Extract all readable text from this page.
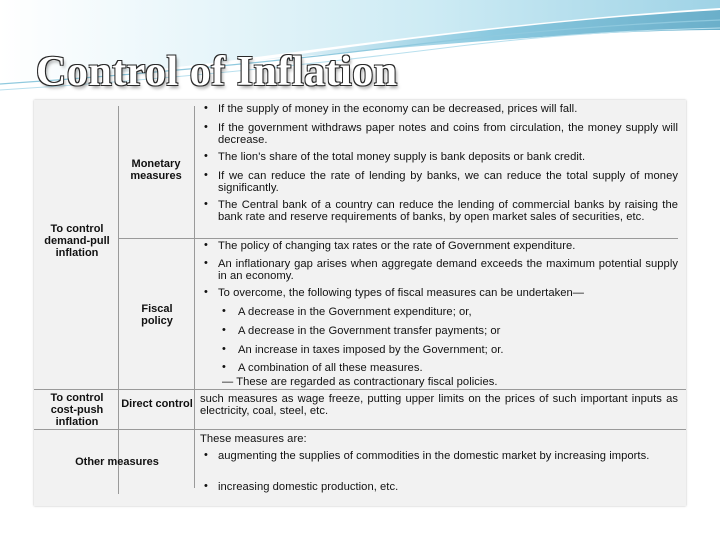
Control of Inflation
To control demand-pull inflation
To control cost-push inflation
Monetary measures
Fiscal policy
Direct control
Other measures
• If the supply of money in the economy can be decreased, prices will fall.
• If the government withdraws paper notes and coins from circulation, the money supply will decrease.
• The lion's share of the total money supply is bank deposits or bank credit.
• If we can reduce the rate of lending by banks, we can reduce the total supply of money significantly.
• The Central bank of a country can reduce the lending of commercial banks by raising the bank rate and reserve requirements of banks, by open market sales of securities, etc.
• The policy of changing tax rates or the rate of Government expenditure.
• An inflationary gap arises when aggregate demand exceeds the maximum potential supply in an economy.
• To overcome, the following types of fiscal measures can be undertaken—
• A decrease in the Government expenditure; or,
• A decrease in the Government transfer payments; or
• An increase in taxes imposed by the Government; or.
• A combination of all these measures.
— These are regarded as contractionary fiscal policies.
such measures as wage freeze, putting upper limits on the prices of such important inputs as electricity, coal, steel, etc.
These measures are:
• augmenting the supplies of commodities in the domestic market by increasing imports.
• increasing domestic production, etc.
